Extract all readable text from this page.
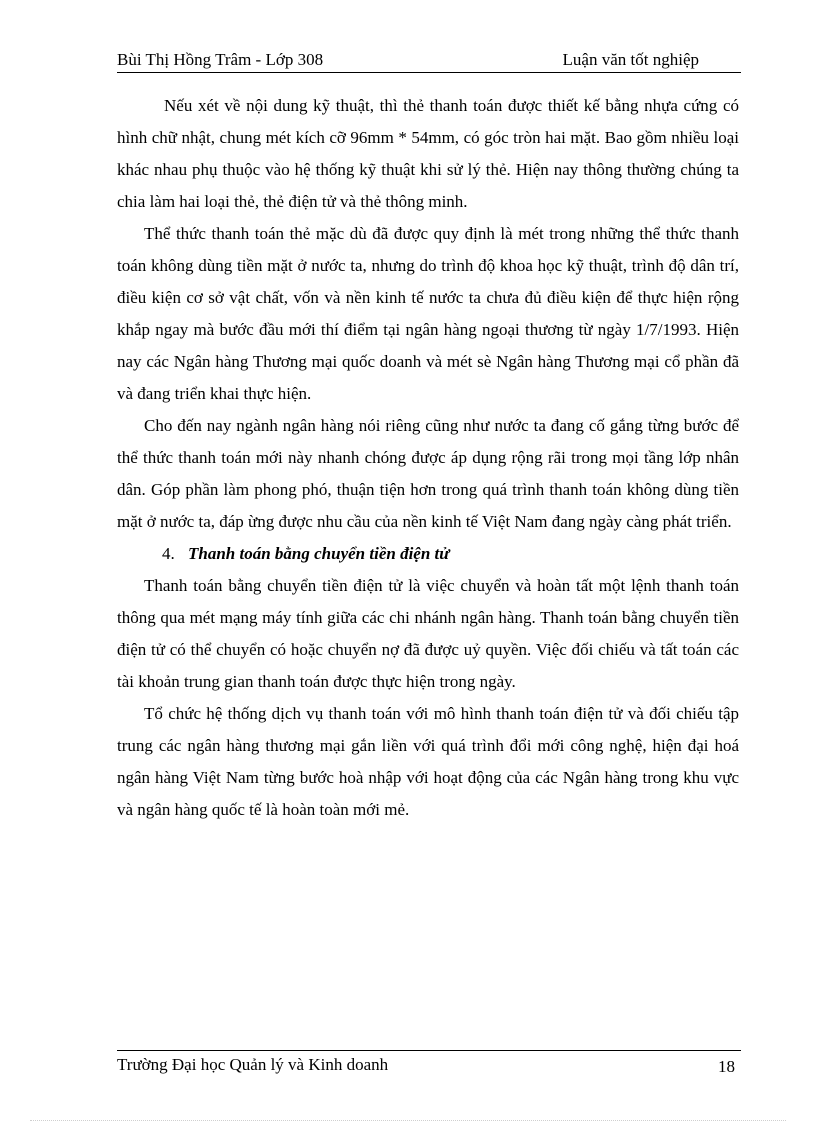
Bùi Thị Hồng Trâm - Lớp 308	Luận văn tốt nghiệp

Nếu xét về nội dung kỹ thuật, thì thẻ thanh toán được thiết kế bằng nhựa cứng có hình chữ nhật, chung mét kích cỡ 96mm * 54mm, có góc tròn hai mặt. Bao gồm nhiều loại khác nhau phụ thuộc vào hệ thống kỹ thuật khi sử lý thẻ. Hiện nay thông thường chúng ta chia làm hai loại thẻ, thẻ điện tử và thẻ thông minh.

Thể thức thanh toán thẻ mặc dù đã được quy định là mét trong những thể thức thanh toán không dùng tiền mặt ở nước ta, nhưng do trình độ khoa học kỹ thuật, trình độ dân trí, điều kiện cơ sở vật chất, vốn và nền kinh tế nước ta chưa đủ điều kiện để thực hiện rộng khắp ngay mà bước đầu mới thí điểm tại ngân hàng ngoại thương từ ngày 1/7/1993. Hiện nay các Ngân hàng Thương mại quốc doanh và mét sè Ngân hàng Thương mại cổ phần đã và đang triển khai thực hiện.

Cho đến nay ngành ngân hàng nói riêng cũng như nước ta đang cố gắng từng bước để thể thức thanh toán mới này nhanh chóng được áp dụng rộng rãi trong mọi tầng lớp nhân dân. Góp phần làm phong phó, thuận tiện hơn trong quá trình thanh toán không dùng tiền mặt ở nước ta, đáp ừng được nhu cầu của nền kinh tế Việt Nam đang ngày càng phát triển.

4. Thanh toán bằng chuyển tiền điện tử

Thanh toán bằng chuyển tiền điện tử là việc chuyển và hoàn tất một lệnh thanh toán thông qua mét mạng máy tính giữa các chi nhánh ngân hàng. Thanh toán bằng chuyển tiền điện tử có thể chuyển có hoặc chuyển nợ đã được uỷ quyền. Việc đối chiếu và tất toán các tài khoản trung gian thanh toán được thực hiện trong ngày.

Tổ chức hệ thống dịch vụ thanh toán với mô hình thanh toán điện tử và đối chiếu tập trung các ngân hàng thương mại gắn liền với quá trình đổi mới công nghệ, hiện đại hoá ngân hàng Việt Nam từng bước hoà nhập với hoạt động của các Ngân hàng trong khu vực và ngân hàng quốc tế là hoàn toàn mới mẻ.

Trường Đại học Quản lý và Kinh doanh	18
